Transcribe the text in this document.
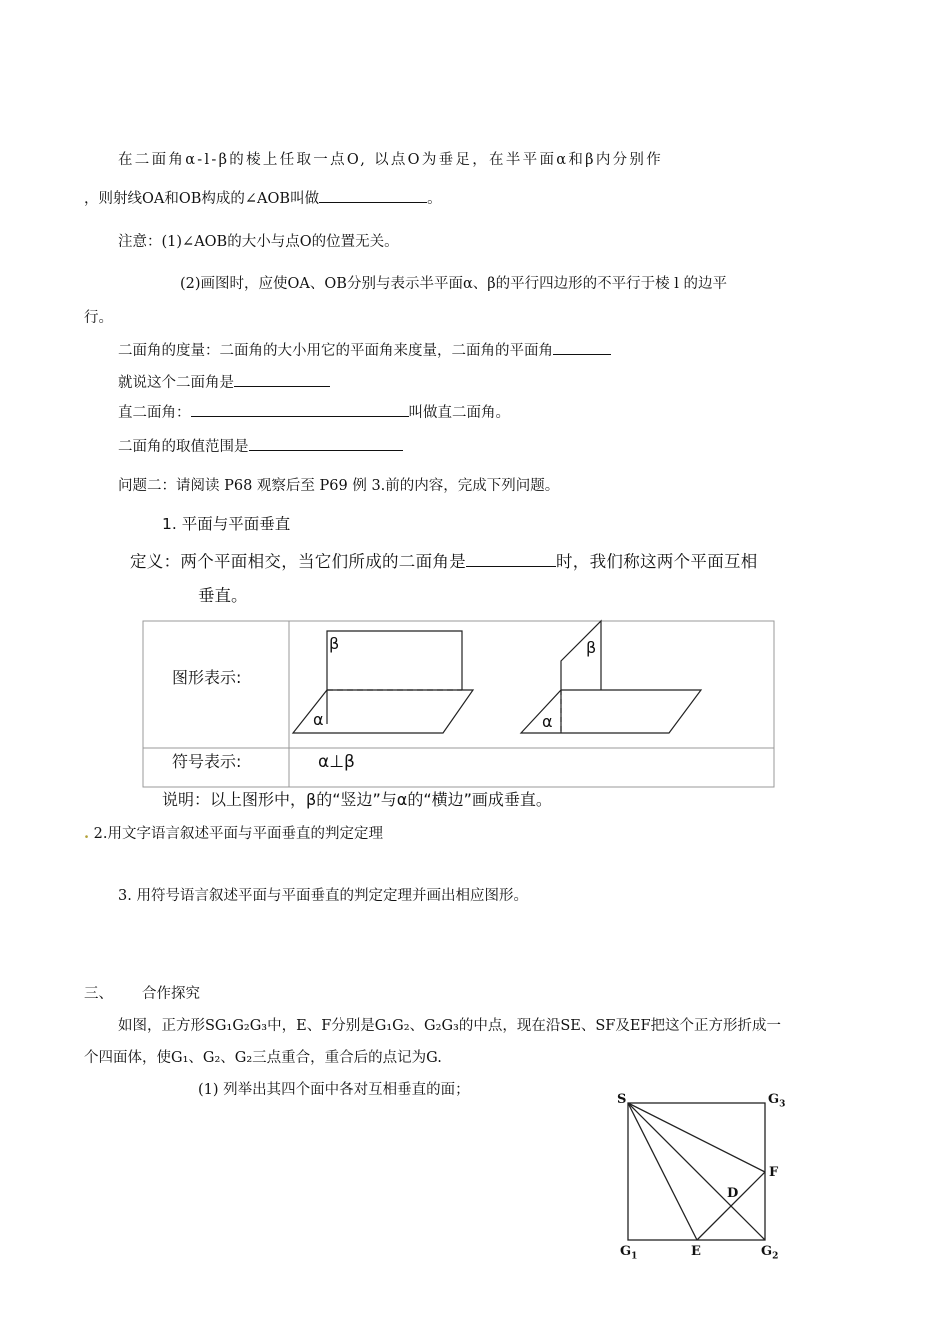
在二面角α-l-β的棱上任取一点O, 以点O为垂足，在半平面α和β内分别作
，则射线OA和OB构成的∠AOB叫做	。
注意：(1)∠AOB的大小与点O的位置无关。
(2)画图时，应使OA、OB分别与表示半平面α、β的平行四边形的不平行于棱 l 的边平
行。
二面角的度量：二面角的大小用它的平面角来度量，二面角的平面角
就说这个二面角是
直二面角：	叫做直二面角。
二面角的取值范围是
问题二：请阅读 P68 观察后至 P69 例 3.前的内容，完成下列问题。
1. 平面与平面垂直
定义：两个平面相交，当它们所成的二面角是	时，我们称这两个平面互相
垂直。
图形表示:
符号表示:	α⊥β
β
α
β
α
说明：以上图形中，β的“竖边”与α的“横边”画成垂直。
. 2.用文字语言叙述平面与平面垂直的判定定理
3. 用符号语言叙述平面与平面垂直的判定定理并画出相应图形。
三、 合作探究
如图，正方形SG₁G₂G₃中，E、F分别是G₁G₂、G₂G₃的中点，现在沿SE、SF及EF把这个正方形折成一
个四面体，使G₁、G₂、G₂三点重合，重合后的点记为G.
(1) 列举出其四个面中各对互相垂直的面；
S	$G_3$
F
D
$G_1$	E	$G_2$
